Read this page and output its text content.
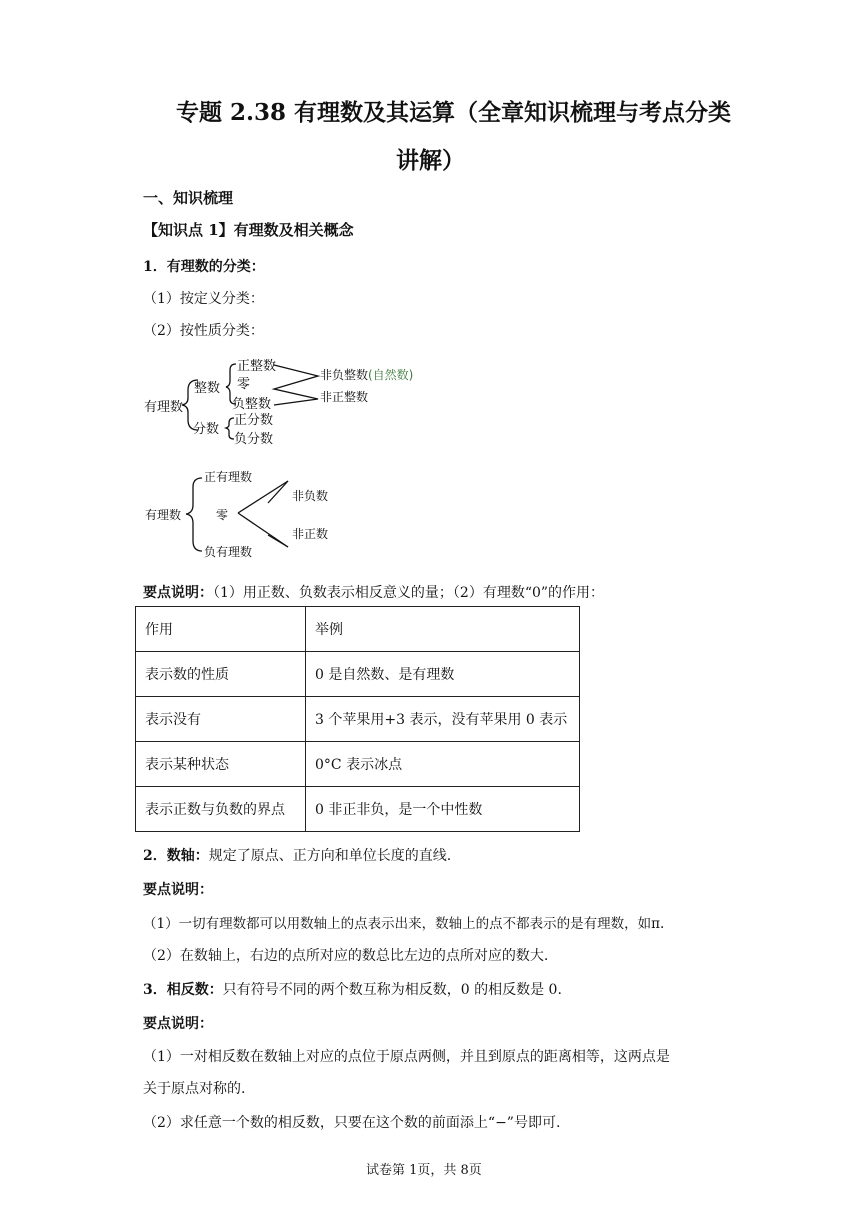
专题 2.38 有理数及其运算（全章知识梳理与考点分类
讲解）
一、知识梳理
【知识点 1】有理数及相关概念
1．有理数的分类：
（1）按定义分类：
（2）按性质分类：
有理数
整数
分数
正整数
零
负整数
正分数
负分数
非负整数 (自然数)
非正整数
有理数
正有理数
零
负有理数
非负数
非正数
要点说明：（1）用正数、负数表示相反意义的量；（2）有理数“0”的作用：
作用	举例
表示数的性质	0 是自然数、是有理数
表示没有	3 个苹果用+3 表示，没有苹果用 0 表示
表示某种状态	0°C 表示冰点
表示正数与负数的界点	0 非正非负，是一个中性数
2．数轴：规定了原点、正方向和单位长度的直线.
要点说明：
（1）一切有理数都可以用数轴上的点表示出来，数轴上的点不都表示的是有理数，如π.
（2）在数轴上，右边的点所对应的数总比左边的点所对应的数大.
3．相反数：只有符号不同的两个数互称为相反数，0 的相反数是 0.
要点说明：
（1）一对相反数在数轴上对应的点位于原点两侧，并且到原点的距离相等，这两点是
关于原点对称的.
（2）求任意一个数的相反数，只要在这个数的前面添上“−”号即可.
试卷第 1页，共 8页
